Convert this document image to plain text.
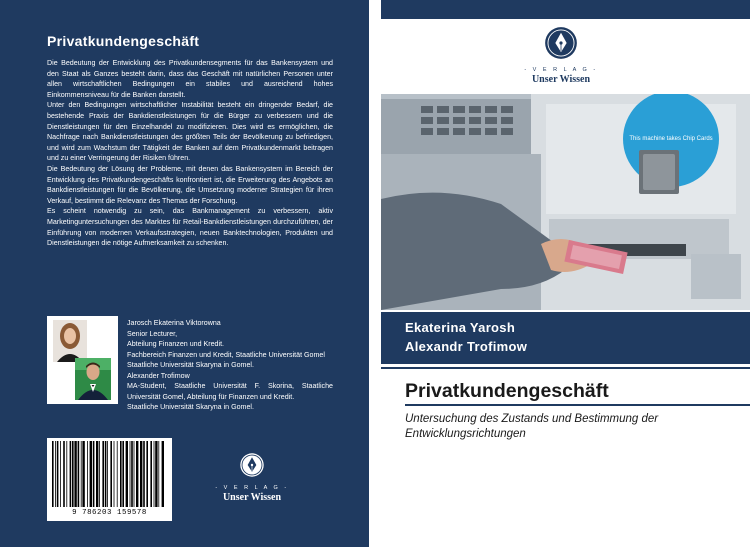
Privatkundengeschäft

Die Bedeutung der Entwicklung des Privatkundensegments für das Bankensystem und den Staat als Ganzes besteht darin, dass das Geschäft mit natürlichen Personen unter allen wirtschaftlichen Bedingungen ein stabiles und ausreichend hohes Einkommensniveau für die Banken darstellt.

Unter den Bedingungen wirtschaftlicher Instabilität besteht ein dringender Bedarf, die bestehende Praxis der Bankdienstleistungen für die Bürger zu verbessern und die Dienstleistungen für den Einzelhandel zu modifizieren. Dies wird es ermöglichen, die Nachfrage nach Bankdienstleistungen des größten Teils der Bevölkerung zu befriedigen, und wird zum Wachstum der Tätigkeit der Banken auf dem Privatkundenmarkt beitragen und zu einer Verringerung der Risiken führen.

Die Bedeutung der Lösung der Probleme, mit denen das Bankensystem im Bereich der Entwicklung des Privatkundengeschäfts konfrontiert ist, die Erweiterung des Angebots an Bankdienstleistungen für die Bevölkerung, die Umsetzung moderner Strategien für ihren Verkauf, bestimmt die Relevanz des Themas der Forschung.

Es scheint notwendig zu sein, das Bankmanagement zu verbessern, aktiv Marketinguntersuchungen des Marktes für Retail-Bankdienstleistungen durchzuführen, der Einführung von modernen Verkaufsstrategien, neuen Banktechnologien, Produkten und Dienstleistungen die nötige Aufmerksamkeit zu schenken.

Jarosch Ekaterina Viktorowna
Senior Lecturer,
Abteilung Finanzen und Kredit.
Fachbereich Finanzen und Kredit, Staatliche Universität Gomel
Staatliche Universität Skaryna in Gomel.
Alexander Trofimow
MA-Student, Staatliche Universität F. Skorina, Staatliche Universität Gomel, Abteilung für Finanzen und Kredit.
Staatliche Universität Skaryna in Gomel.
9 786203 159578
- V E R L A G -
Unser Wissen
- V E R L A G -
Unser Wissen
This machine takes Chip Cards
Ekaterina Yarosh
Alexandr Trofimow
Privatkundengeschäft
Untersuchung des Zustands und Bestimmung der Entwicklungsrichtungen
